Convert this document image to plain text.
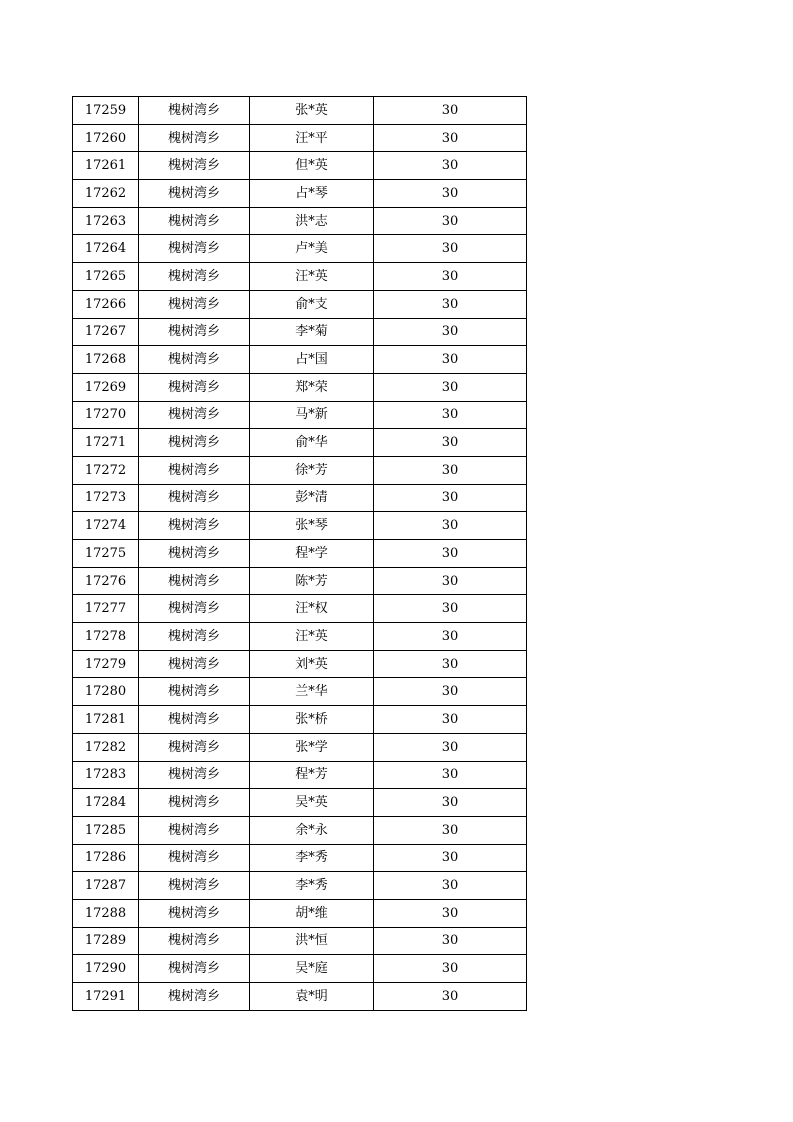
17259	槐树湾乡	张*英	30
17260	槐树湾乡	汪*平	30
17261	槐树湾乡	但*英	30
17262	槐树湾乡	占*琴	30
17263	槐树湾乡	洪*志	30
17264	槐树湾乡	卢*美	30
17265	槐树湾乡	汪*英	30
17266	槐树湾乡	俞*支	30
17267	槐树湾乡	李*菊	30
17268	槐树湾乡	占*国	30
17269	槐树湾乡	郑*荣	30
17270	槐树湾乡	马*新	30
17271	槐树湾乡	俞*华	30
17272	槐树湾乡	徐*芳	30
17273	槐树湾乡	彭*清	30
17274	槐树湾乡	张*琴	30
17275	槐树湾乡	程*学	30
17276	槐树湾乡	陈*芳	30
17277	槐树湾乡	汪*权	30
17278	槐树湾乡	汪*英	30
17279	槐树湾乡	刘*英	30
17280	槐树湾乡	兰*华	30
17281	槐树湾乡	张*桥	30
17282	槐树湾乡	张*学	30
17283	槐树湾乡	程*芳	30
17284	槐树湾乡	吴*英	30
17285	槐树湾乡	余*永	30
17286	槐树湾乡	李*秀	30
17287	槐树湾乡	李*秀	30
17288	槐树湾乡	胡*维	30
17289	槐树湾乡	洪*恒	30
17290	槐树湾乡	吴*庭	30
17291	槐树湾乡	袁*明	30
